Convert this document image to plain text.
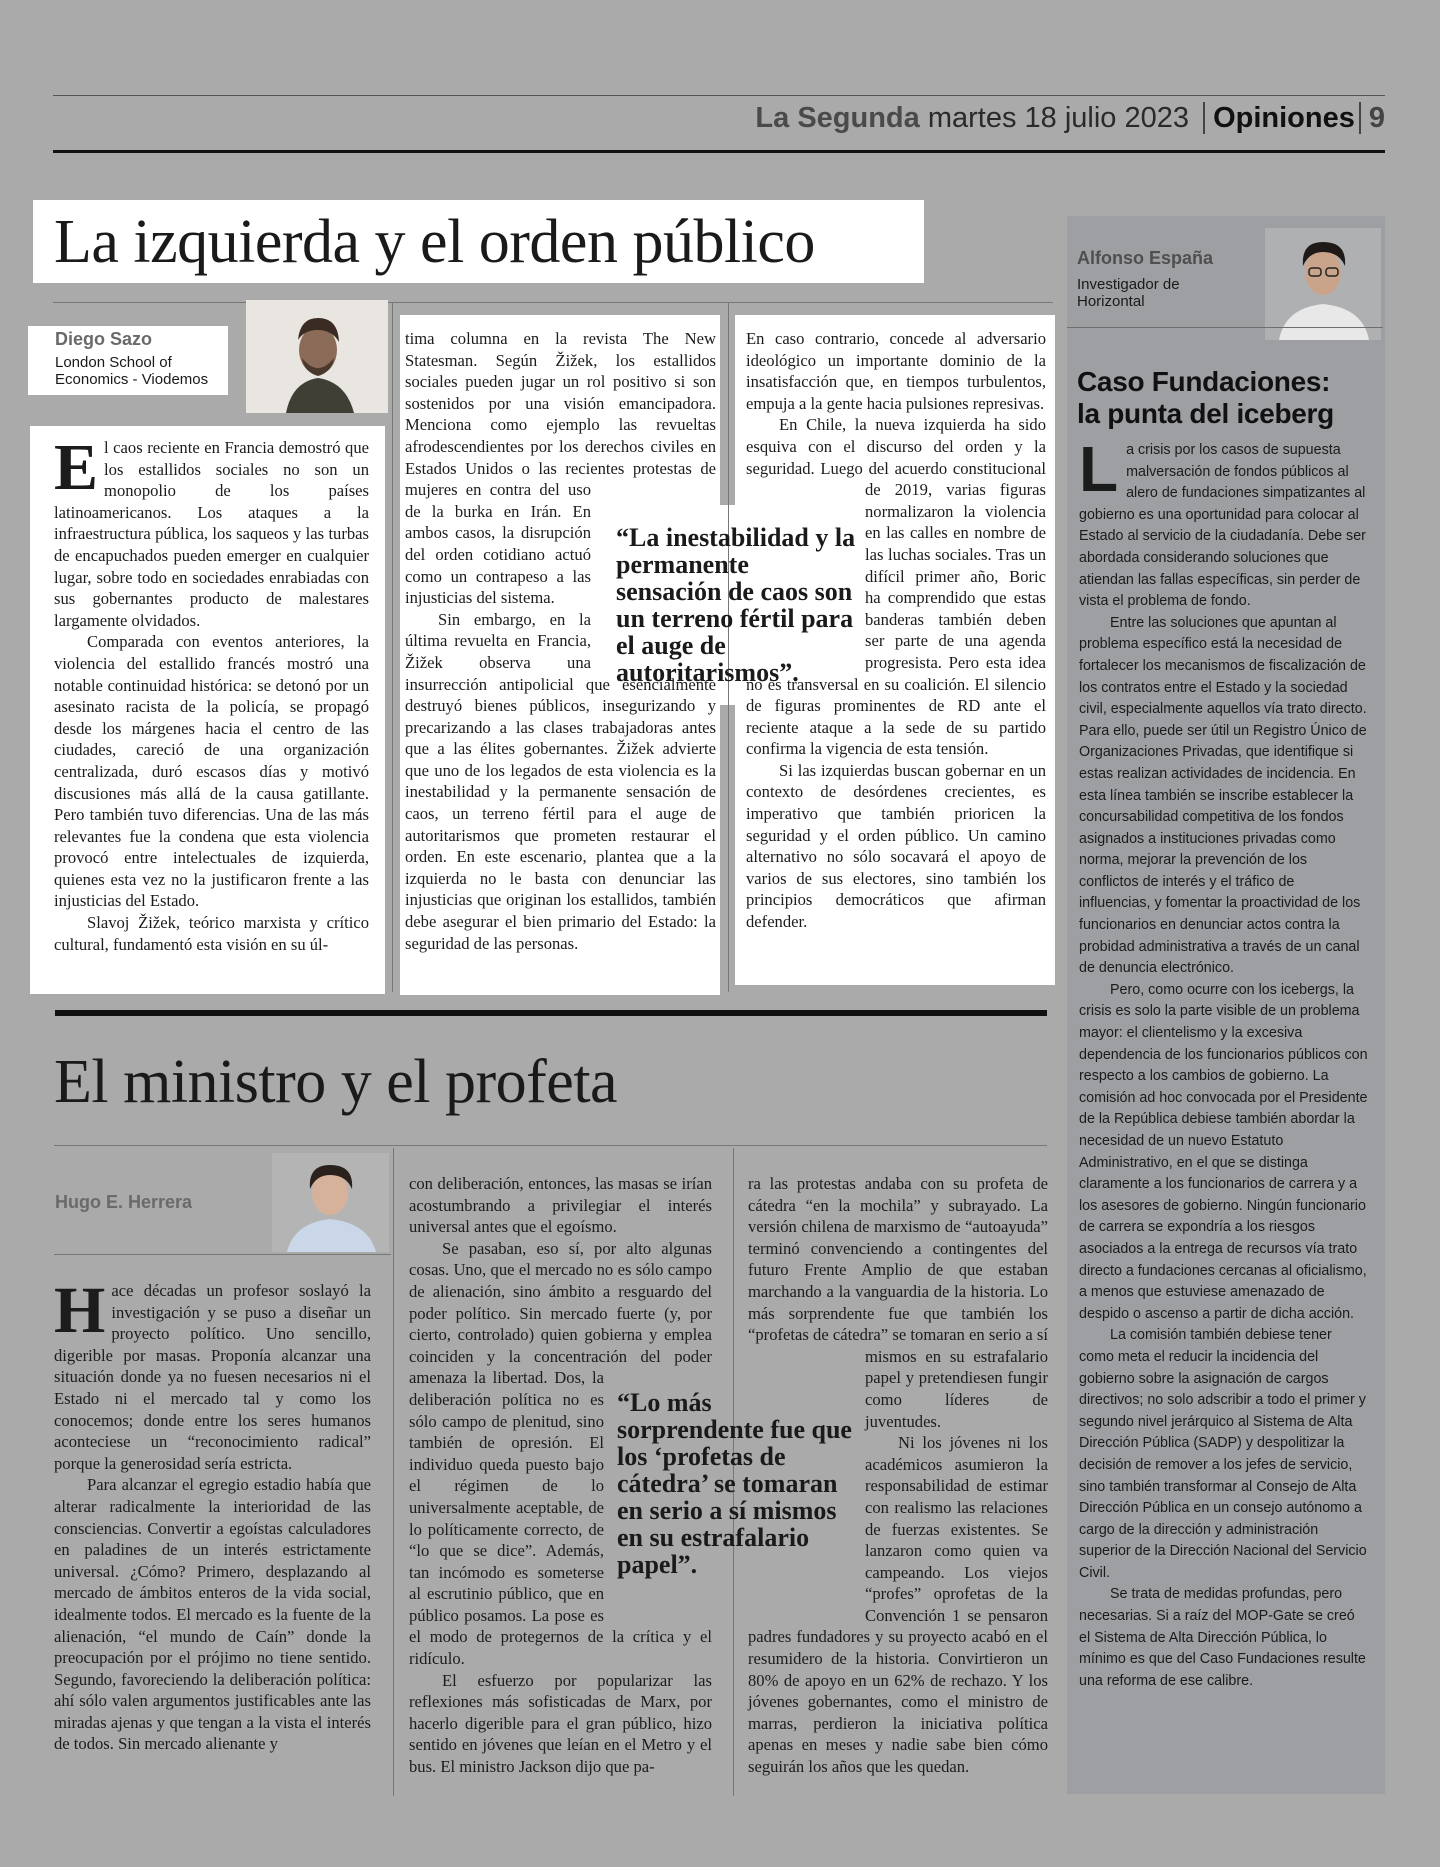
La Segunda martes 18 julio 2023 Opiniones 9
La izquierda y el orden público
Diego Sazo
London School of
Economics - Viodemos
E l caos reciente en Francia demostró que los estallidos sociales no son un monopolio de los países latinoamericanos. Los ataques a la infraestructura pública, los saqueos y las turbas de encapuchados pueden emerger en cualquier lugar, sobre todo en sociedades enrabiadas con sus gobernantes producto de malestares largamente olvidados.

Comparada con eventos anteriores, la violencia del estallido francés mostró una notable continuidad histórica: se detonó por un asesinato racista de la policía, se propagó desde los márgenes hacia el centro de las ciudades, careció de una organización centralizada, duró escasos días y motivó discusiones más allá de la causa gatillante. Pero también tuvo diferencias. Una de las más relevantes fue la condena que esta violencia provocó entre intelectuales de izquierda, quienes esta vez no la justificaron frente a las injusticias del Estado.

Slavoj Žižek, teórico marxista y crítico cultural, fundamentó esta visión en su úl-

tima columna en la revista The New Statesman. Según Žižek, los estallidos sociales pueden jugar un rol positivo si son sostenidos por una visión emancipadora. Menciona como ejemplo las revueltas afrodescendientes por los derechos civiles en Estados Unidos o las recientes protestas de mujeres en contra del uso de la burka en Irán. En ambos casos, la disrupción del orden cotidiano actuó como un contrapeso a las injusticias del sistema.

Sin embargo, en la última revuelta en Francia, Žižek observa una insurrección antipolicial que esencialmente destruyó bienes públicos, insegurizando y precarizando a las clases trabajadoras antes que a las élites gobernantes. Žižek advierte que uno de los legados de esta violencia es la inestabilidad y la permanente sensación de caos, un terreno fértil para el auge de autoritarismos que prometen restaurar el orden. En este escenario, plantea que a la izquierda no le basta con denunciar las injusticias que originan los estallidos, también debe asegurar el bien primario del Estado: la seguridad de las personas.

En caso contrario, concede al adversario ideológico un importante dominio de la insatisfacción que, en tiempos turbulentos, empuja a la gente hacia pulsiones represivas.

En Chile, la nueva izquierda ha sido esquiva con el discurso del orden y la seguridad. Luego del acuerdo constitucional de 2019, varias figuras normalizaron la violencia en las calles en nombre de las luchas sociales. Tras un difícil primer año, Boric ha comprendido que estas banderas también deben ser parte de una agenda progresista. Pero esta idea no es transversal en su coalición. El silencio de figuras prominentes de RD ante el reciente ataque a la sede de su partido confirma la vigencia de esta tensión.

Si las izquierdas buscan gobernar en un contexto de desórdenes crecientes, es imperativo que también prioricen la seguridad y el orden público. Un camino alternativo no sólo socavará el apoyo de varios de sus electores, sino también los principios democráticos que afirman defender.

“La inestabilidad y la permanente sensación de caos son un terreno fértil para el auge de autoritarismos”.

El ministro y el profeta
Hugo E. Herrera
H ace décadas un profesor soslayó la investigación y se puso a diseñar un proyecto político. Uno sencillo, digerible por masas. Proponía alcanzar una situación donde ya no fuesen necesarios ni el Estado ni el mercado tal y como los conocemos; donde entre los seres humanos aconteciese un “reconocimiento radical” porque la generosidad sería estricta.

Para alcanzar el egregio estadio había que alterar radicalmente la interioridad de las consciencias. Convertir a egoístas calculadores en paladines de un interés estrictamente universal. ¿Cómo? Primero, desplazando al mercado de ámbitos enteros de la vida social, idealmente todos. El mercado es la fuente de la alienación, “el mundo de Caín” donde la preocupación por el prójimo no tiene sentido. Segundo, favoreciendo la deliberación política: ahí sólo valen argumentos justificables ante las miradas ajenas y que tengan a la vista el interés de todos. Sin mercado alienante y

con deliberación, entonces, las masas se irían acostumbrando a privilegiar el interés universal antes que el egoísmo.

Se pasaban, eso sí, por alto algunas cosas. Uno, que el mercado no es sólo campo de alienación, sino ámbito a resguardo del poder político. Sin mercado fuerte (y, por cierto, controlado) quien gobierna y emplea coinciden y la concentración del poder amenaza la libertad. Dos, la deliberación política no es sólo campo de plenitud, sino también de opresión. El individuo queda puesto bajo el régimen de lo universalmente aceptable, de lo políticamente correcto, de “lo que se dice”. Además, tan incómodo es someterse al escrutinio público, que en público posamos. La pose es el modo de protegernos de la crítica y el ridículo.

El esfuerzo por popularizar las reflexiones más sofisticadas de Marx, por hacerlo digerible para el gran público, hizo sentido en jóvenes que leían en el Metro y el bus. El ministro Jackson dijo que pa-

ra las protestas andaba con su profeta de cátedra “en la mochila” y subrayado. La versión chilena de marxismo de “autoayuda” terminó convenciendo a contingentes del futuro Frente Amplio de que estaban marchando a la vanguardia de la historia. Lo más sorprendente fue que también los “profetas de cátedra” se tomaran en serio a sí mismos en su estrafalario papel y pretendiesen fungir como líderes de juventudes.

Ni los jóvenes ni los académicos asumieron la responsabilidad de estimar con realismo las relaciones de fuerzas existentes. Se lanzaron como quien va campeando. Los viejos “profes” oprofetas de la Convención 1 se pensaron padres fundadores y su proyecto acabó en el resumidero de la historia. Convirtieron un 80% de apoyo en un 62% de rechazo. Y los jóvenes gobernantes, como el ministro de marras, perdieron la iniciativa política apenas en meses y nadie sabe bien cómo seguirán los años que les quedan.

“Lo más sorprendente fue que los ‘profetas de cátedra’ se tomaran en serio a sí mismos en su estrafalario papel”.

Alfonso España
Investigador de
Horizontal
Caso Fundaciones:
la punta del iceberg
L a crisis por los casos de supuesta malversación de fondos públicos al alero de fundaciones simpatizantes al gobierno es una oportunidad para colocar al Estado al servicio de la ciudadanía. Debe ser abordada considerando soluciones que atiendan las fallas específicas, sin perder de vista el problema de fondo.

Entre las soluciones que apuntan al problema específico está la necesidad de fortalecer los mecanismos de fiscalización de los contratos entre el Estado y la sociedad civil, especialmente aquellos vía trato directo. Para ello, puede ser útil un Registro Único de Organizaciones Privadas, que identifique si estas realizan actividades de incidencia. En esta línea también se inscribe establecer la concursabilidad competitiva de los fondos asignados a instituciones privadas como norma, mejorar la prevención de los conflictos de interés y el tráfico de influencias, y fomentar la proactividad de los funcionarios en denunciar actos contra la probidad administrativa a través de un canal de denuncia electrónico.

Pero, como ocurre con los icebergs, la crisis es solo la parte visible de un problema mayor: el clientelismo y la excesiva dependencia de los funcionarios públicos con respecto a los cambios de gobierno. La comisión ad hoc convocada por el Presidente de la República debiese también abordar la necesidad de un nuevo Estatuto Administrativo, en el que se distinga claramente a los funcionarios de carrera y a los asesores de gobierno. Ningún funcionario de carrera se expondría a los riesgos asociados a la entrega de recursos vía trato directo a fundaciones cercanas al oficialismo, a menos que estuviese amenazado de despido o ascenso a partir de dicha acción.

La comisión también debiese tener como meta el reducir la incidencia del gobierno sobre la asignación de cargos directivos; no solo adscribir a todo el primer y segundo nivel jerárquico al Sistema de Alta Dirección Pública (SADP) y despolitizar la decisión de remover a los jefes de servicio, sino también transformar al Consejo de Alta Dirección Pública en un consejo autónomo a cargo de la dirección y administración superior de la Dirección Nacional del Servicio Civil.

Se trata de medidas profundas, pero necesarias. Si a raíz del MOP-Gate se creó el Sistema de Alta Dirección Pública, lo mínimo es que del Caso Fundaciones resulte una reforma de ese calibre.
